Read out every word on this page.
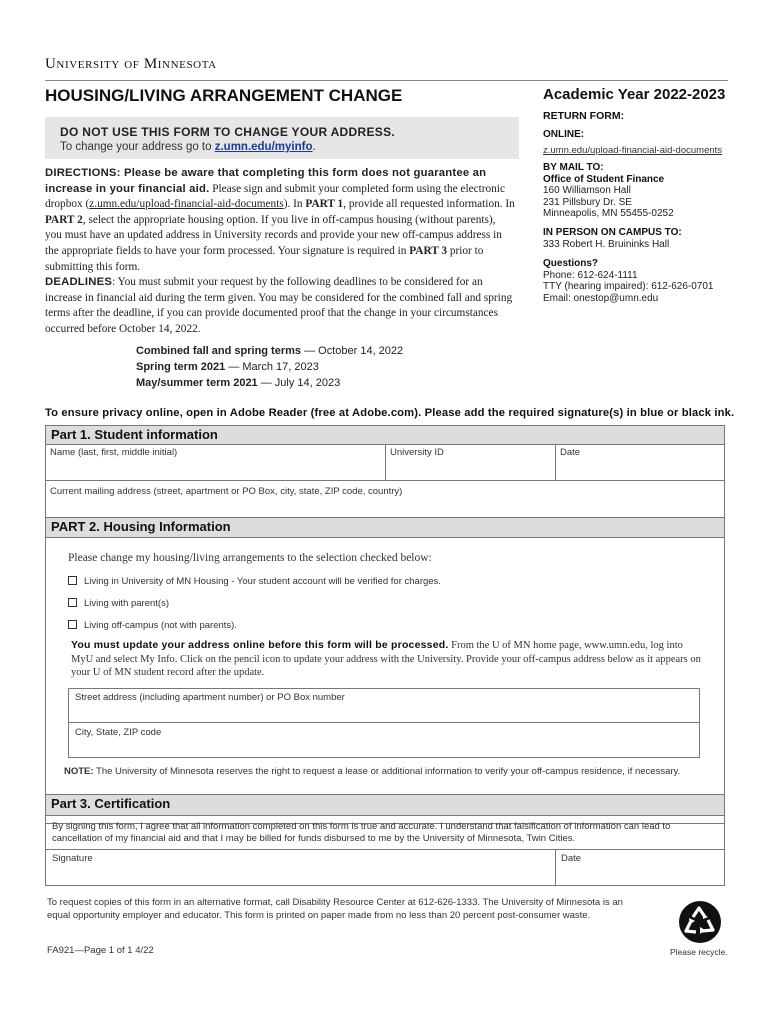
University of Minnesota
HOUSING/LIVING ARRANGEMENT CHANGE	Academic Year 2022-2023
DO NOT USE THIS FORM TO CHANGE YOUR ADDRESS.
To change your address go to z.umn.edu/myinfo.
DIRECTIONS: Please be aware that completing this form does not guarantee an increase in your financial aid. Please sign and submit your completed form using the electronic dropbox (z.umn.edu/upload-financial-aid-documents). In PART 1, provide all requested information. In PART 2, select the appropriate housing option. If you live in off-campus housing (without parents), you must have an updated address in University records and provide your new off-campus address in the appropriate fields to have your form processed. Your signature is required in PART 3 prior to submitting this form.
DEADLINES: You must submit your request by the following deadlines to be considered for an increase in financial aid during the term given. You may be considered for the combined fall and spring terms after the deadline, if you can provide documented proof that the change in your circumstances occurred before October 14, 2022.
Combined fall and spring terms — October 14, 2022
Spring term 2021 — March 17, 2023
May/summer term 2021 — July 14, 2023
RETURN FORM:
ONLINE:
z.umn.edu/upload-financial-aid-documents
BY MAIL TO:
Office of Student Finance
160 Williamson Hall
231 Pillsbury Dr. SE
Minneapolis, MN 55455-0252
IN PERSON ON CAMPUS TO:
333 Robert H. Bruininks Hall
Questions?
Phone: 612-624-1111
TTY (hearing impaired): 612-626-0701
Email: onestop@umn.edu
To ensure privacy online, open in Adobe Reader (free at Adobe.com). Please add the required signature(s) in blue or black ink.
Part 1. Student information
Name (last, first, middle initial)	University ID	Date
Current mailing address (street, apartment or PO Box, city, state, ZIP code, country)
PART 2. Housing Information
Please change my housing/living arrangements to the selection checked below:
Living in University of MN Housing - Your student account will be verified for charges.
Living with parent(s)
Living off-campus (not with parents).
You must update your address online before this form will be processed. From the U of MN home page, www.umn.edu, log into MyU and select My Info. Click on the pencil icon to update your address with the University. Provide your off-campus address below as it appears on your U of MN student record after the update.
Street address (including apartment number) or PO Box number
City, State, ZIP code
NOTE: The University of Minnesota reserves the right to request a lease or additional information to verify your off-campus residence, if necessary.
Part 3. Certification
By signing this form, I agree that all information completed on this form is true and accurate. I understand that falsification of information can lead to cancellation of my financial aid and that I may be billed for funds disbursed to me by the University of Minnesota, Twin Cities.
Signature	Date
To request copies of this form in an alternative format, call Disability Resource Center at 612-626-1333. The University of Minnesota is an equal opportunity employer and educator. This form is printed on paper made from no less than 20 percent post-consumer waste.
FA921—Page 1 of 1 4/22	Please recycle.
